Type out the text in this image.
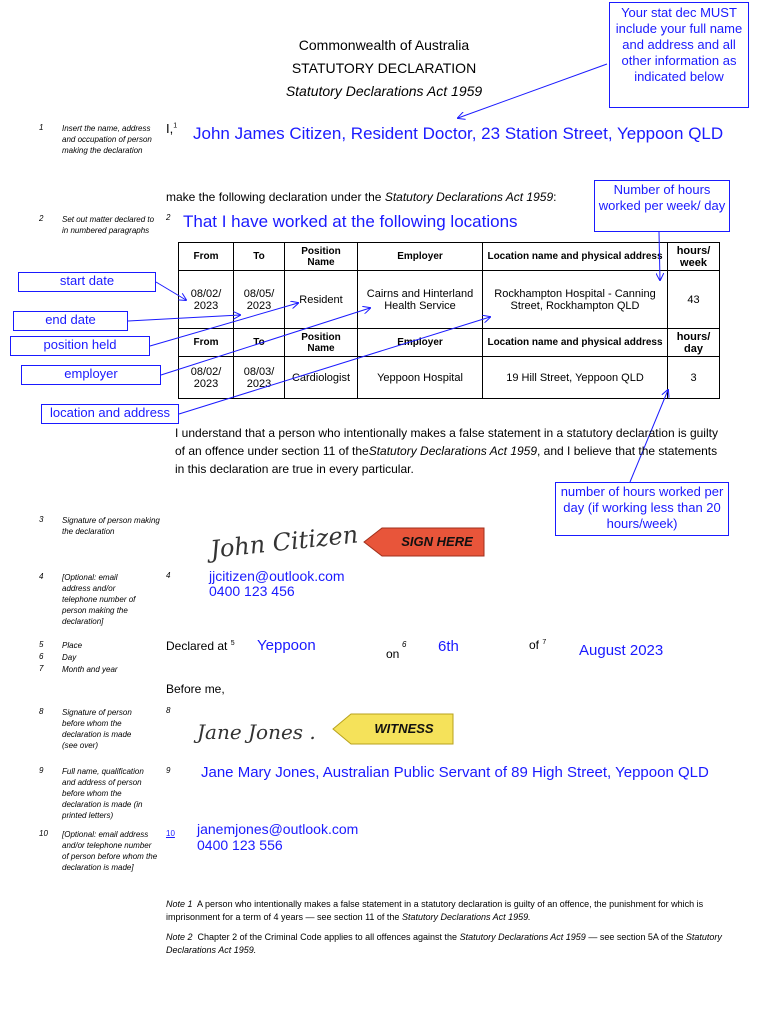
Commonwealth of Australia
STATUTORY DECLARATION
Statutory Declarations Act 1959
Your stat dec MUST include your full name and address and all other information as indicated below
1 Insert the name, address and occupation of person making the declaration
2 Set out matter declared to in numbered paragraphs
3 Signature of person making the declaration
4 [Optional: email address and/or telephone number of person making the declaration]
5 Place
6 Day
7 Month and year
8 Signature of person before whom the declaration is made (see over)
9 Full name, qualification and address of person before whom the declaration is made (in printed letters)
10 [Optional: email address and/or telephone number of person before whom the declaration is made]
I,$^1$ John James Citizen, Resident Doctor, 23 Station Street, Yeppoon QLD
make the following declaration under the Statutory Declarations Act 1959:	Number of hours worked per week/ day
2 That I have worked at the following locations
From	To	Position Name	Employer	Location name and physical address	hours/ week
08/02/ 2023	08/05/ 2023	Resident	Cairns and Hinterland Health Service	Rockhampton Hospital - Canning Street, Rockhampton QLD	43
From	To	Position Name	Employer	Location name and physical address	hours/ day
08/02/ 2023	08/03/ 2023	Cardiologist	Yeppoon Hospital	19 Hill Street, Yeppoon QLD	3
start date
end date
position held
employer
location and address
I understand that a person who intentionally makes a false statement in a statutory declaration is guilty of an offence under section 11 of theStatutory Declarations Act 1959, and I believe that the statements in this declaration are true in every particular.
number of hours worked per day (if working less than 20 hours/week)
John Citizen	SIGN HERE
4	jjcitizen@outlook.com
0400 123 456
Declared at $^5$ Yeppoon	on
6 6th	of $^7$ August 2023
Before me,
8
Jane Jones .	WITNESS
9 Jane Mary Jones, Australian Public Servant of 89 High Street, Yeppoon QLD
10 janemjones@outlook.com
0400 123 556
Note 1 A person who intentionally makes a false statement in a statutory declaration is guilty of an offence, the punishment for which is imprisonment for a term of 4 years — see section 11 of the Statutory Declarations Act 1959.
Note 2 Chapter 2 of the Criminal Code applies to all offences against the Statutory Declarations Act 1959 — see section 5A of the Statutory Declarations Act 1959.
